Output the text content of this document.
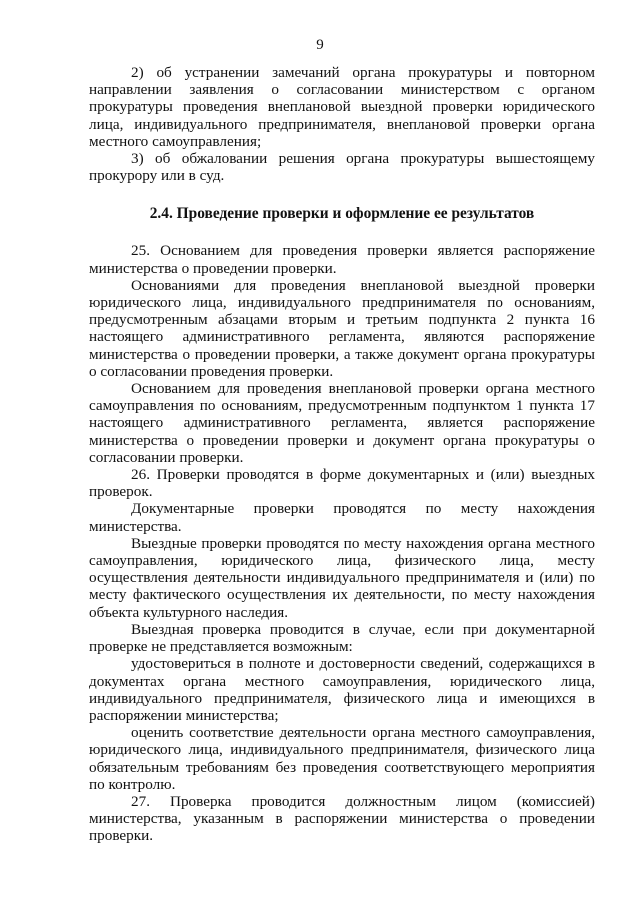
9

2) об устранении замечаний органа прокуратуры и повторном направлении заявления о согласовании министерством с органом прокуратуры проведения внеплановой выездной проверки юридического лица, индивидуального предпринимателя, внеплановой проверки органа местного самоуправления;

3) об обжаловании решения органа прокуратуры вышестоящему прокурору или в суд.

2.4. Проведение проверки и оформление ее результатов

25. Основанием для проведения проверки является распоряжение министерства о проведении проверки.

Основаниями для проведения внеплановой выездной проверки юридического лица, индивидуального предпринимателя по основаниям, предусмотренным абзацами вторым и третьим подпункта 2 пункта 16 настоящего административного регламента, являются распоряжение министерства о проведении проверки, а также документ органа прокуратуры о согласовании проведения проверки.

Основанием для проведения внеплановой проверки органа местного самоуправления по основаниям, предусмотренным подпунктом 1 пункта 17 настоящего административного регламента, является распоряжение министерства о проведении проверки и документ органа прокуратуры о согласовании проверки.

26. Проверки проводятся в форме документарных и (или) выездных проверок.

Документарные проверки проводятся по месту нахождения министерства.

Выездные проверки проводятся по месту нахождения органа местного самоуправления, юридического лица, физического лица, месту осуществления деятельности индивидуального предпринимателя и (или) по месту фактического осуществления их деятельности, по месту нахождения объекта культурного наследия.

Выездная проверка проводится в случае, если при документарной проверке не представляется возможным:

удостовериться в полноте и достоверности сведений, содержащихся в документах органа местного самоуправления, юридического лица, индивидуального предпринимателя, физического лица и имеющихся в распоряжении министерства;

оценить соответствие деятельности органа местного самоуправления, юридического лица, индивидуального предпринимателя, физического лица обязательным требованиям без проведения соответствующего мероприятия по контролю.

27. Проверка проводится должностным лицом (комиссией) министерства, указанным в распоряжении министерства о проведении проверки.
